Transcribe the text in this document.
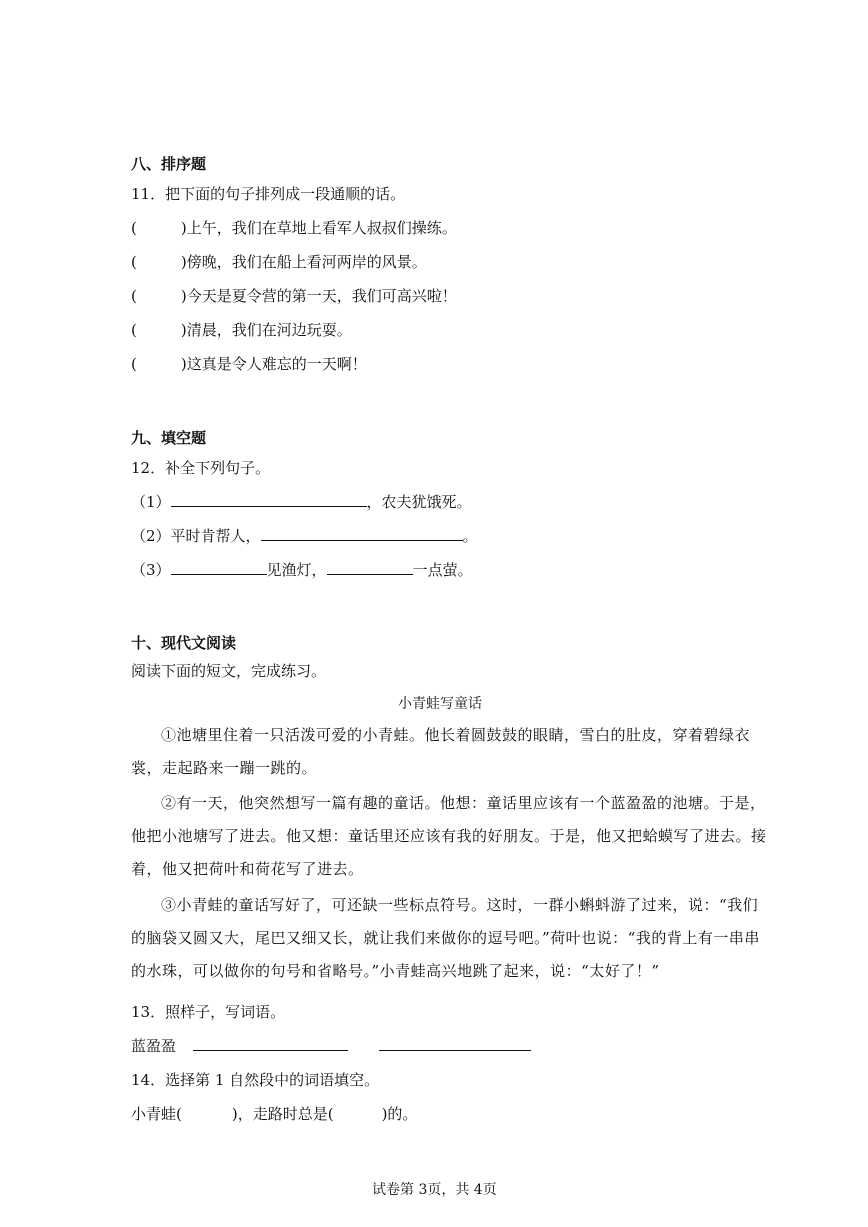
八、排序题
11．把下面的句子排列成一段通顺的话。
(	)上午，我们在草地上看军人叔叔们操练。
(	)傍晚，我们在船上看河两岸的风景。
(	)今天是夏令营的第一天，我们可高兴啦！
(	)清晨，我们在河边玩耍。
(	)这真是令人难忘的一天啊！
九、填空题
12．补全下列句子。
（1）	，农夫犹饿死。
（2）平时肯帮人，	。
（3）	见渔灯，	一点萤。
十、现代文阅读
阅读下面的短文，完成练习。
小青蛙写童话
①池塘里住着一只活泼可爱的小青蛙。他长着圆鼓鼓的眼睛，雪白的肚皮，穿着碧绿衣裳，走起路来一蹦一跳的。
②有一天，他突然想写一篇有趣的童话。他想：童话里应该有一个蓝盈盈的池塘。于是，他把小池塘写了进去。他又想：童话里还应该有我的好朋友。于是，他又把蛤蟆写了进去。接着，他又把荷叶和荷花写了进去。
③小青蛙的童话写好了，可还缺一些标点符号。这时，一群小蝌蚪游了过来，说：“我们的脑袋又圆又大，尾巴又细又长，就让我们来做你的逗号吧。”荷叶也说：“我的背上有一串串的水珠，可以做你的句号和省略号。”小青蛙高兴地跳了起来，说：“太好了！”
13．照样子，写词语。
蓝盈盈
14．选择第 1 自然段中的词语填空。
小青蛙(	)，走路时总是(	)的。
试卷第 3页，共 4页
